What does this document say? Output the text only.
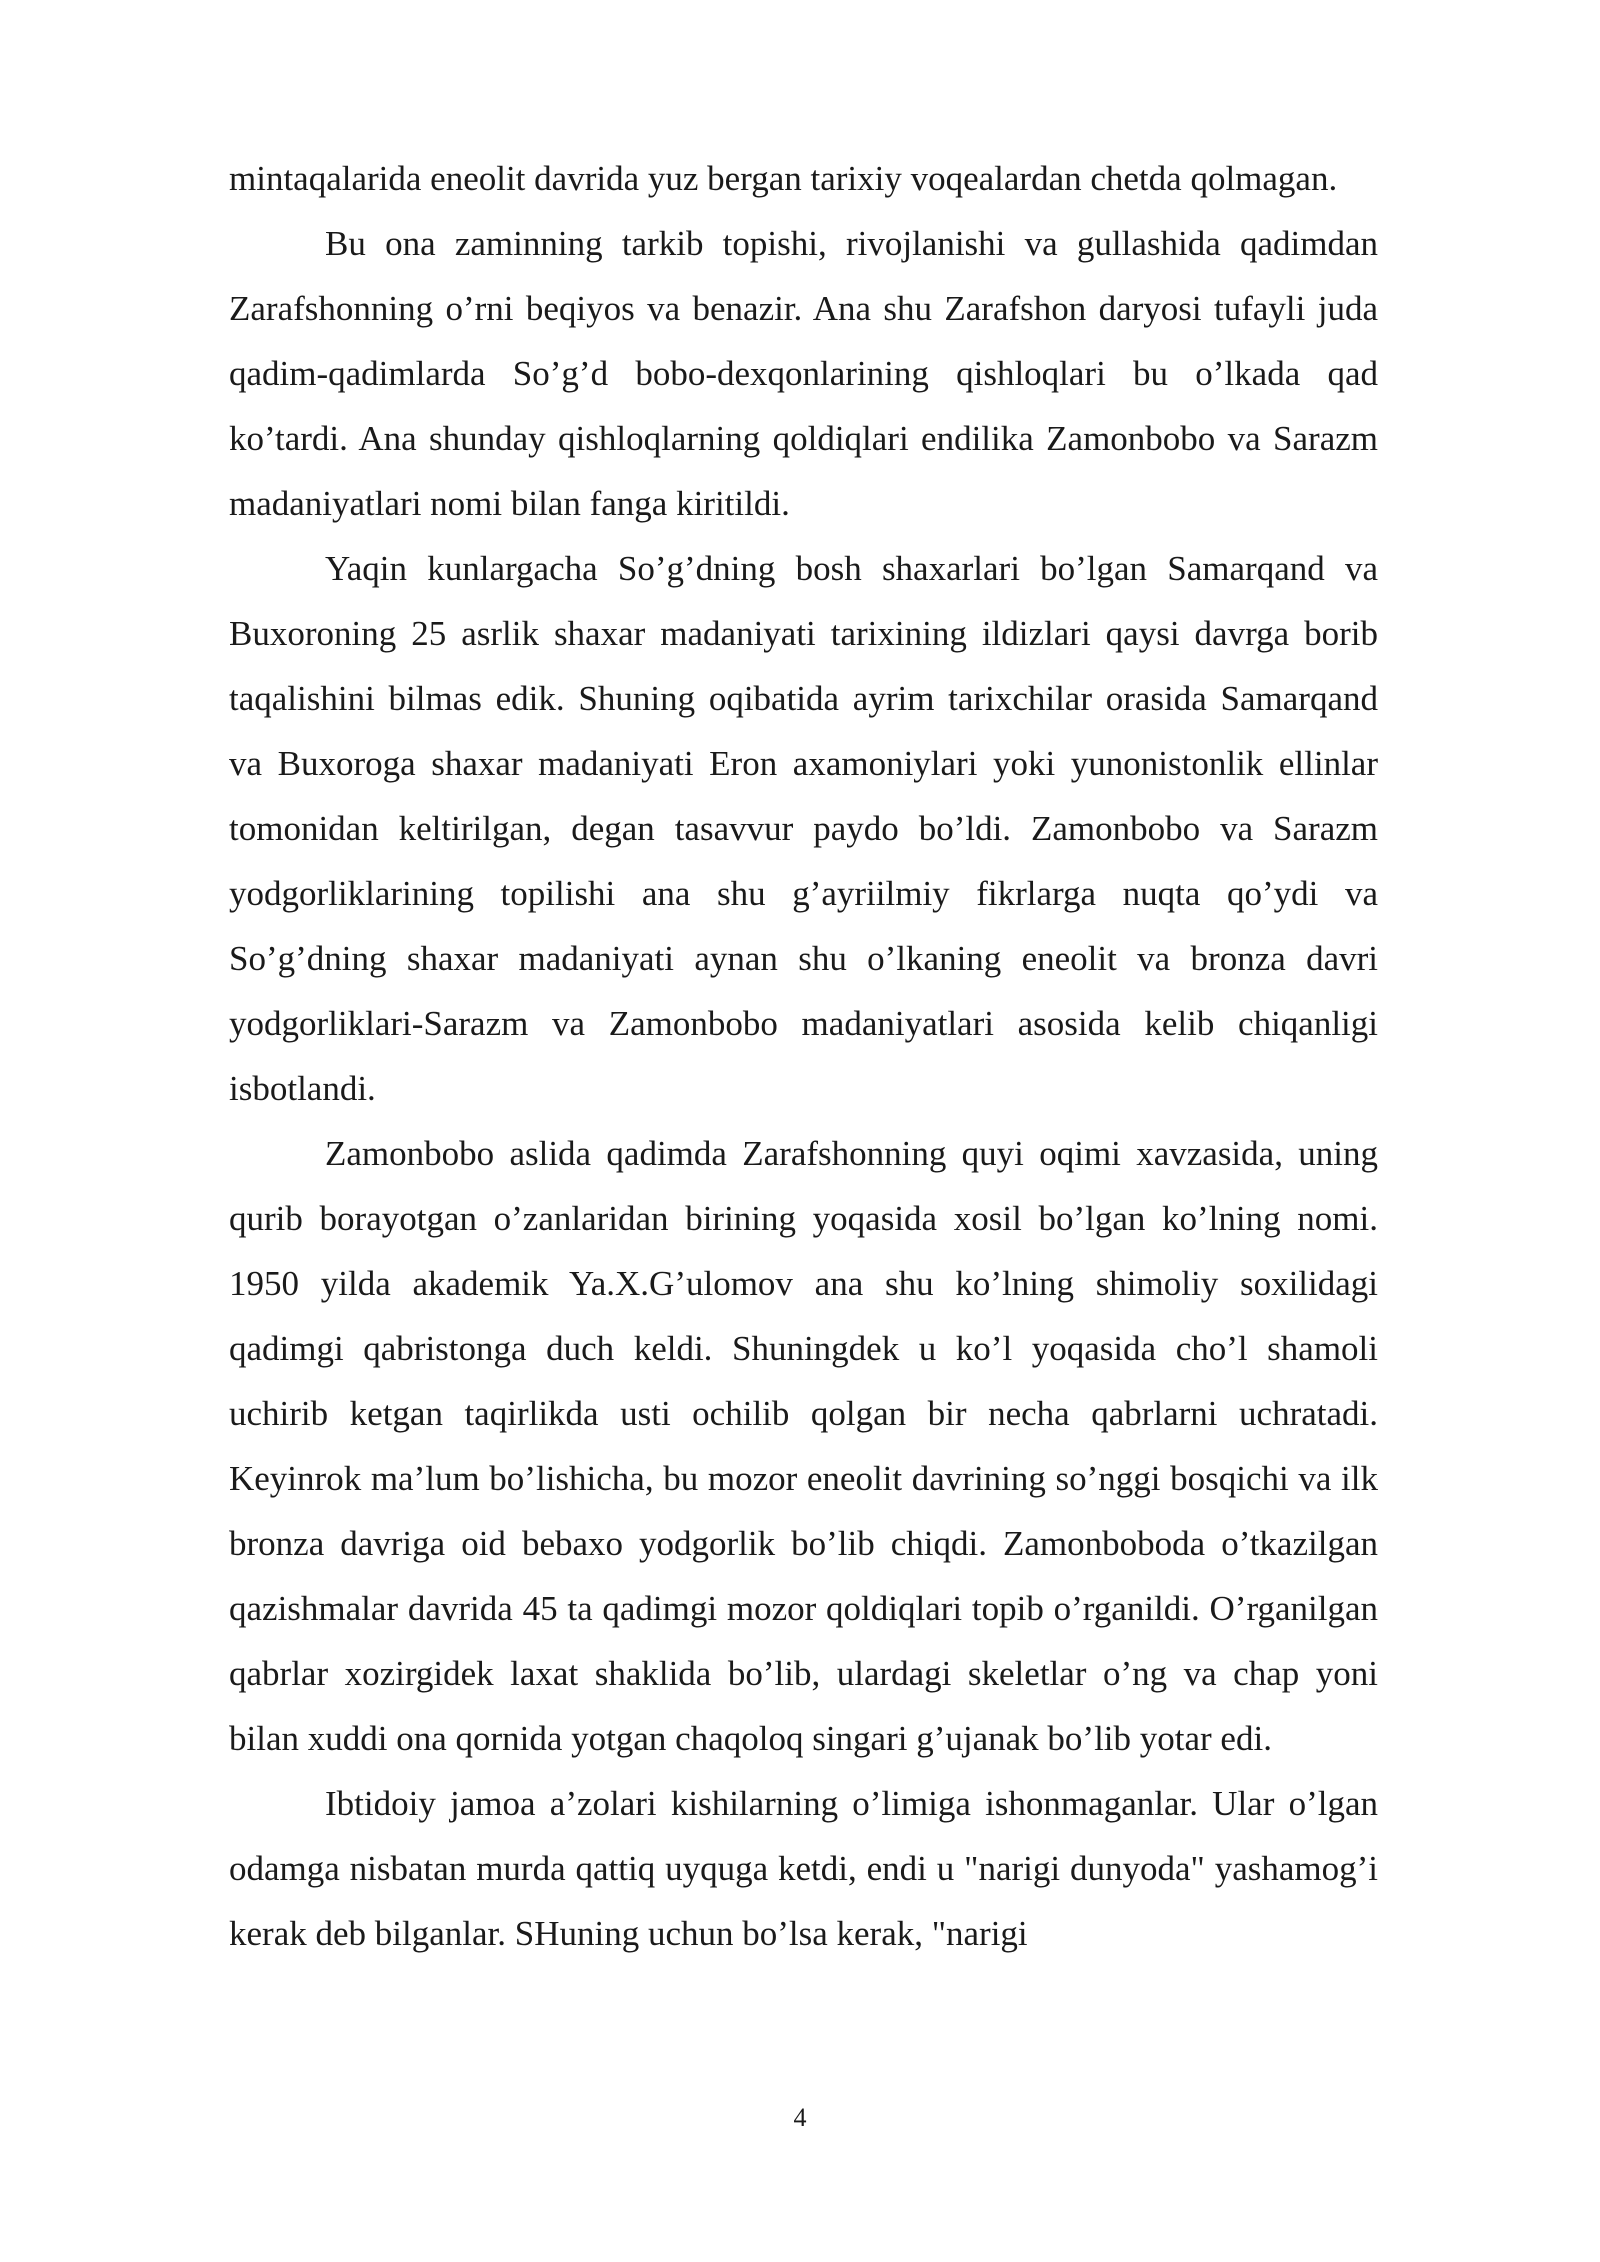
mintaqalarida eneolit davrida yuz bergan tarixiy voqealardan chetda qolmagan.

Bu ona zaminning tarkib topishi, rivojlanishi va gullashida qadimdan Zarafshonning o’rni beqiyos va benazir. Ana shu Zarafshon daryosi tufayli juda qadim-qadimlarda So’g’d bobo-dexqonlarining qishloqlari bu o’lkada qad ko’tardi. Ana shunday qishloqlarning qoldiqlari endilika Zamonbobo va Sarazm madaniyatlari nomi bilan fanga kiritildi.

Yaqin kunlargacha So’g’dning bosh shaxarlari bo’lgan Samarqand va Buxoroning 25 asrlik shaxar madaniyati tarixining ildizlari qaysi davrga borib taqalishini bilmas edik. Shuning oqibatida ayrim tarixchilar orasida Samarqand va Buxoroga shaxar madaniyati Eron axamoniylari yoki yunonistonlik ellinlar tomonidan keltirilgan, degan tasavvur paydo bo’ldi. Zamonbobo va Sarazm yodgorliklarining topilishi ana shu g’ayriilmiy fikrlarga nuqta qo’ydi va So’g’dning shaxar madaniyati aynan shu o’lkaning eneolit va bronza davri yodgorliklari-Sarazm va Zamonbobo madaniyatlari asosida kelib chiqanligi isbotlandi.

Zamonbobo aslida qadimda Zarafshonning quyi oqimi xavzasida, uning qurib borayotgan o’zanlaridan birining yoqasida xosil bo’lgan ko’lning nomi. 1950 yilda akademik Ya.X.G’ulomov ana shu ko’lning shimoliy soxilidagi qadimgi qabristonga duch keldi. Shuningdek u ko’l yoqasida cho’l shamoli uchirib ketgan taqirlikda usti ochilib qolgan bir necha qabrlarni uchratadi. Keyinrok ma’lum bo’lishicha, bu mozor eneolit davrining so’nggi bosqichi va ilk bronza davriga oid bebaxo yodgorlik bo’lib chiqdi. Zamonboboda o’tkazilgan qazishmalar davrida 45 ta qadimgi mozor qoldiqlari topib o’rganildi. O’rganilgan qabrlar xozirgidek laxat shaklida bo’lib, ulardagi skeletlar o’ng va chap yoni bilan xuddi ona qornida yotgan chaqoloq singari g’ujanak bo’lib yotar edi.

Ibtidoiy jamoa a’zolari kishilarning o’limiga ishonmaganlar. Ular o’lgan odamga nisbatan murda qattiq uyquga ketdi, endi u "narigi dunyoda" yashamog’i kerak deb bilganlar. SHuning uchun bo’lsa kerak, "narigi

4
